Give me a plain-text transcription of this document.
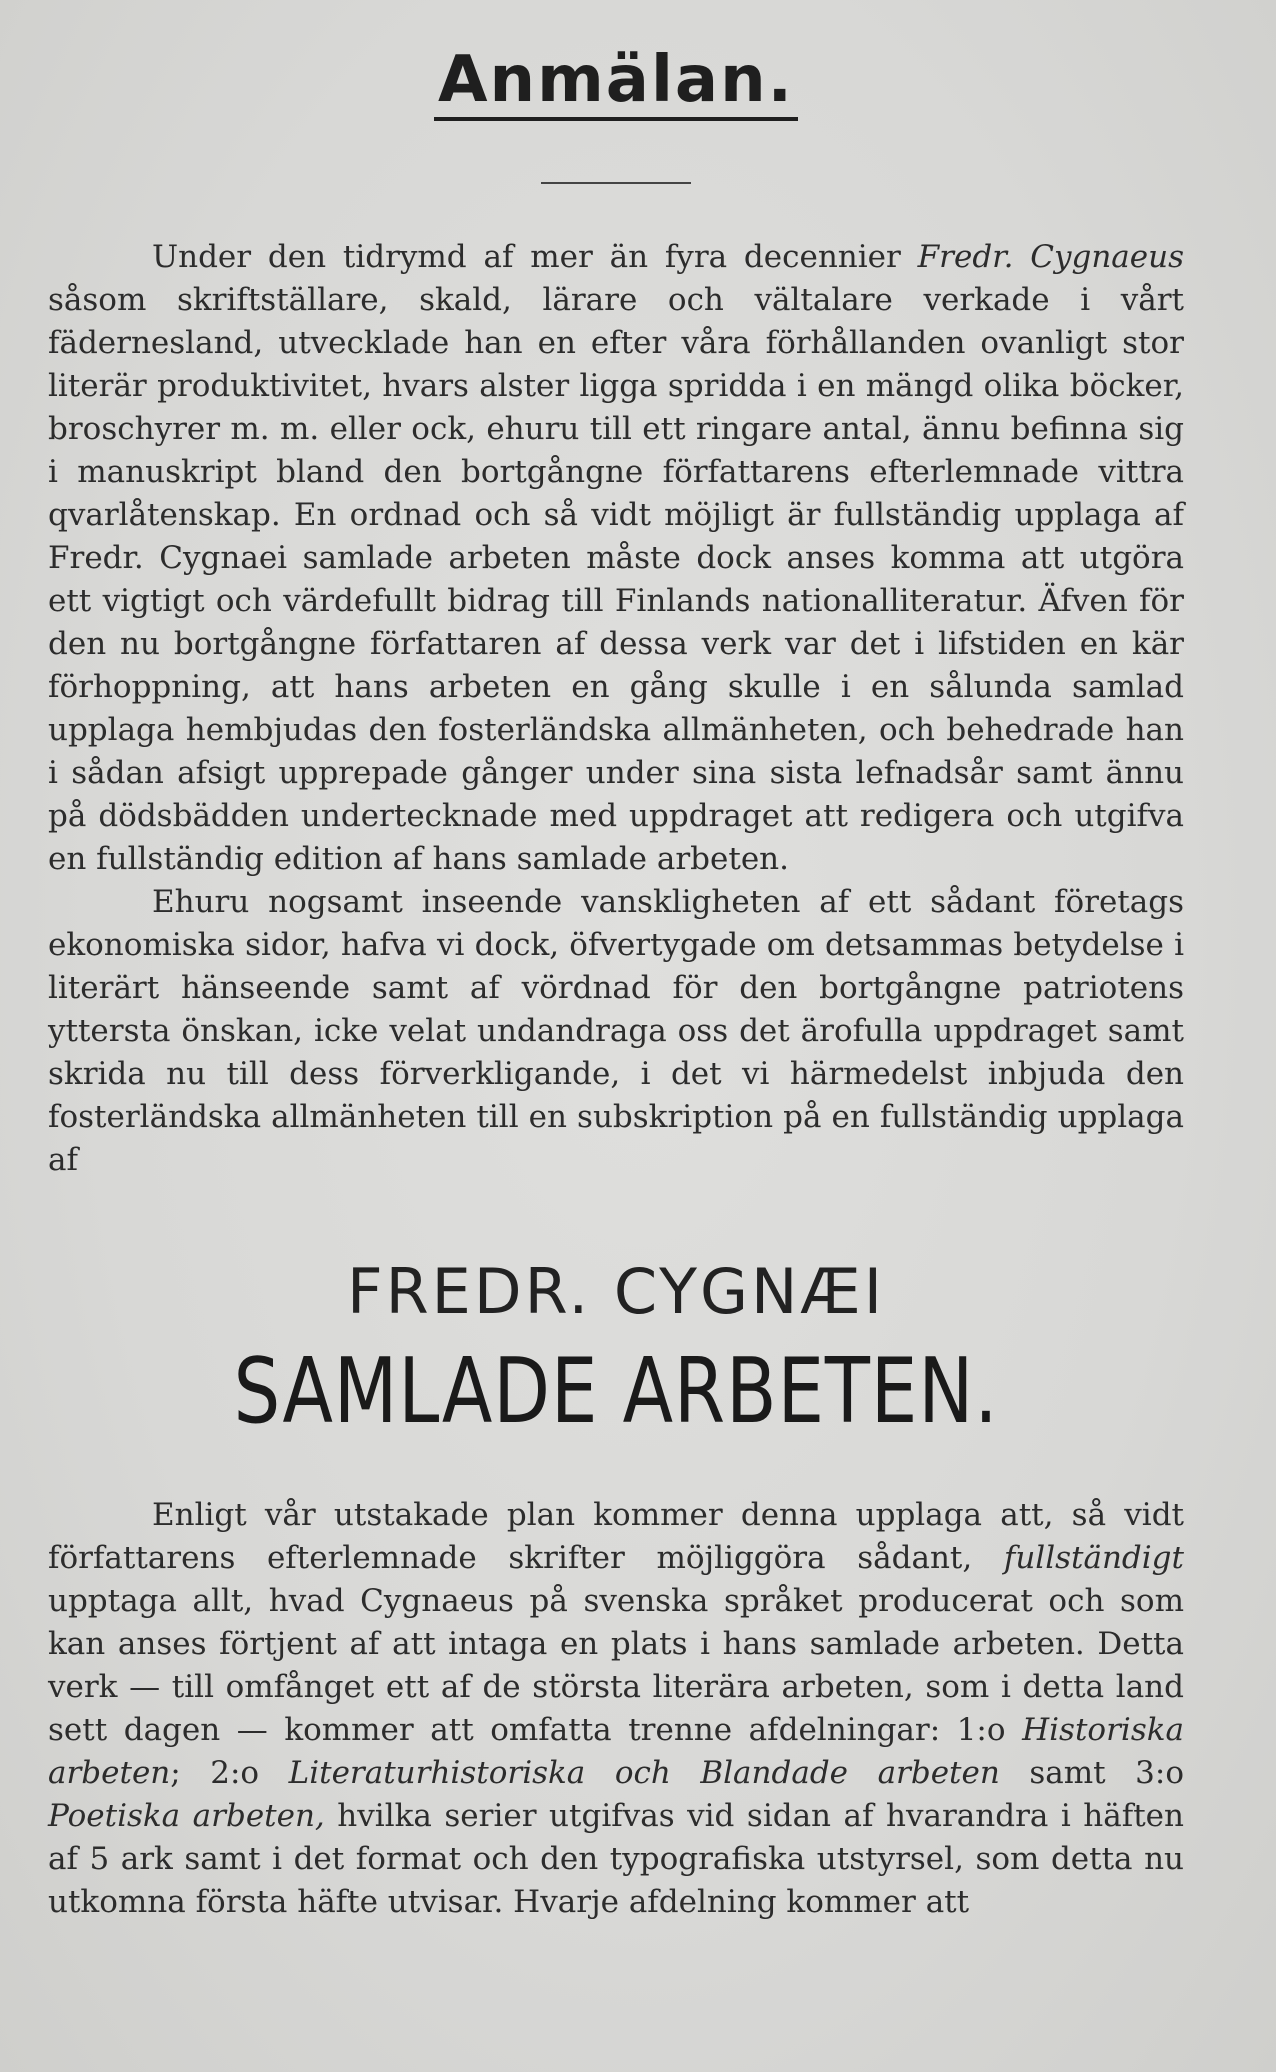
Anmälan.

Under den tidrymd af mer än fyra decennier Fredr. Cygnaeus såsom skriftställare, skald, lärare och vältalare verkade i vårt fädernesland, utvecklade han en efter våra förhållanden ovanligt stor literär produktivitet, hvars alster ligga spridda i en mängd olika böcker, broschyrer m. m. eller ock, ehuru till ett ringare antal, ännu befinna sig i manuskript bland den bortgångne författarens efterlemnade vittra qvarlåtenskap. En ordnad och så vidt möjligt är fullständig upplaga af Fredr. Cygnaei samlade arbeten måste dock anses komma att utgöra ett vigtigt och värdefullt bidrag till Finlands nationalliteratur. Äfven för den nu bortgångne författaren af dessa verk var det i lifstiden en kär förhoppning, att hans arbeten en gång skulle i en sålunda samlad upplaga hembjudas den fosterländska allmänheten, och behedrade han i sådan afsigt upprepade gånger under sina sista lefnadsår samt ännu på dödsbädden undertecknade med uppdraget att redigera och utgifva en fullständig edition af hans samlade arbeten.

Ehuru nogsamt inseende vanskligheten af ett sådant företags ekonomiska sidor, hafva vi dock, öfvertygade om detsammas betydelse i literärt hänseende samt af vördnad för den bortgångne patriotens yttersta önskan, icke velat undandraga oss det ärofulla uppdraget samt skrida nu till dess förverkligande, i det vi härmedelst inbjuda den fosterländska allmänheten till en subskription på en fullständig upplaga af

FREDR. CYGNÆI
SAMLADE ARBETEN.

Enligt vår utstakade plan kommer denna upplaga att, så vidt författarens efterlemnade skrifter möjliggöra sådant, fullständigt upptaga allt, hvad Cygnaeus på svenska språket producerat och som kan anses förtjent af att intaga en plats i hans samlade arbeten. Detta verk — till omfånget ett af de största literära arbeten, som i detta land sett dagen — kommer att omfatta trenne afdelningar: 1:o Historiska arbeten; 2:o Literaturhistoriska och Blandade arbeten samt 3:o Poetiska arbeten, hvilka serier utgifvas vid sidan af hvarandra i häften af 5 ark samt i det format och den typografiska utstyrsel, som detta nu utkomna första häfte utvisar. Hvarje afdelning kommer att
